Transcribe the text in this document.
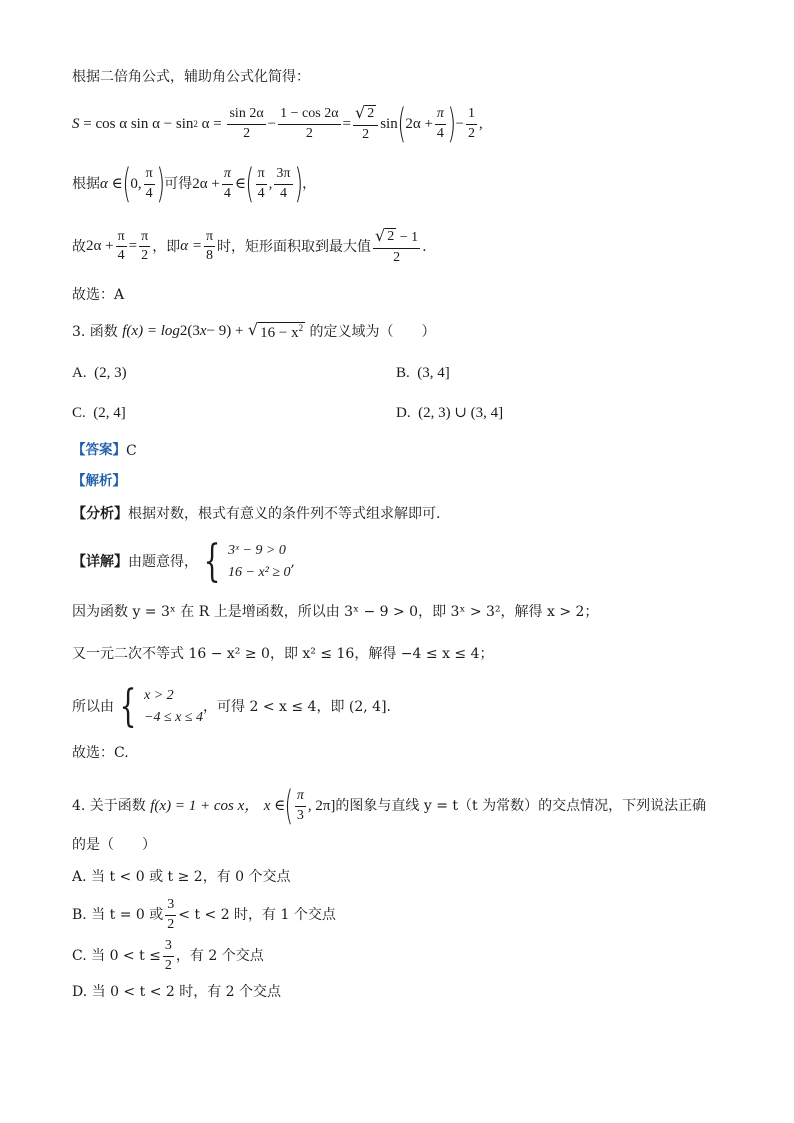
根据二倍角公式，辅助角公式化简得：
S
= cos α sin α − sin 2
α =
$\frac{\sin 2\alpha}{2} - \frac{1 - \cos 2\alpha}{2} = \frac{√ 2}{2}$ sin ( $2\alpha + \frac{\pi}{4}$ ) − $\frac{1}{2}$ ,
根据 α ∈ ( 0, $\frac{\pi}{4}$ ) 可得 $2\alpha + \frac{\pi}{4}$ ∈ ( $\frac{\pi}{4}$ , $\frac{3\pi}{4}$ ) ，
故 $2\alpha + \frac{\pi}{4} = \frac{\pi}{2}$ ，即 $\alpha = \frac{\pi}{8}$ 时，矩形面积取到最大值 $\frac{√ 2 - 1}{2}$ .
故选：A
3. 函数
f(x) = log 2 (3 x − 9) +
√ $16 - x^2$
的定义域为（　　）
A.
(2, 3)	B.
(3, 4]
C.
(2, 4]	D.
(2, 3) ∪ (3, 4]
【答案】 C
【解析】
【分析】 根据对数，根式有意义的条件列不等式组求解即可.
【详解】 由题意得， { 3ˣ − 9 > 0
16 − x² ≥ 0
,
因为函数 y = 3ˣ 在 R 上是增函数，所以由 3ˣ − 9 > 0，即 3ˣ > 3²，解得 x > 2；
又一元二次不等式 16 − x² ≥ 0，即 x² ≤ 16，解得 −4 ≤ x ≤ 4；
所以由 { x > 2
−4 ≤ x ≤ 4
，可得 2 < x ≤ 4，即 (2, 4].
故选：C.
4. 关于函数
f(x) = 1 + cos x，
x ∈ ( $\frac{\pi}{3}$ , 2π] 的图象与直线 y = t（t 为常数）的交点情况，下列说法正确
的是（　　）
A. 当 t < 0 或 t ≥ 2，有 0 个交点
B. 当 t = 0 或 $\frac{3}{2} < t < 2$ 时，有 1 个交点
C. 当 $0 < t \le \frac{3}{2}$ ，有 2 个交点
D. 当 0 < t < 2 时，有 2 个交点
